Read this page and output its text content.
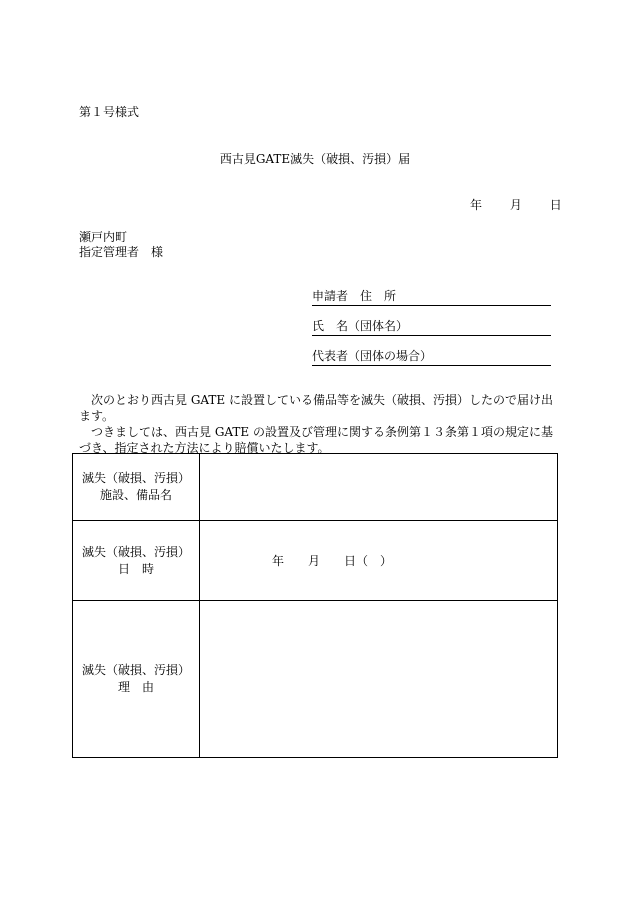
第１号様式
西古見GATE滅失（破損、汚損）届
年 月 日
瀬戸内町
指定管理者　様
申請者 住　所
氏　名（団体名）
代表者（団体の場合）

次のとおり西古見 GATE に設置している備品等を滅失（破損、汚損）したので届け出ます。

つきましては、西古見 GATE の設置及び管理に関する条例第１３条第１項の規定に基づき、指定された方法により賠償いたします。

滅失（破損、汚損）
施設、備品名	

滅失（破損、汚損）
日　時	年　　月　　日（　）

滅失（破損、汚損）
理　由	
